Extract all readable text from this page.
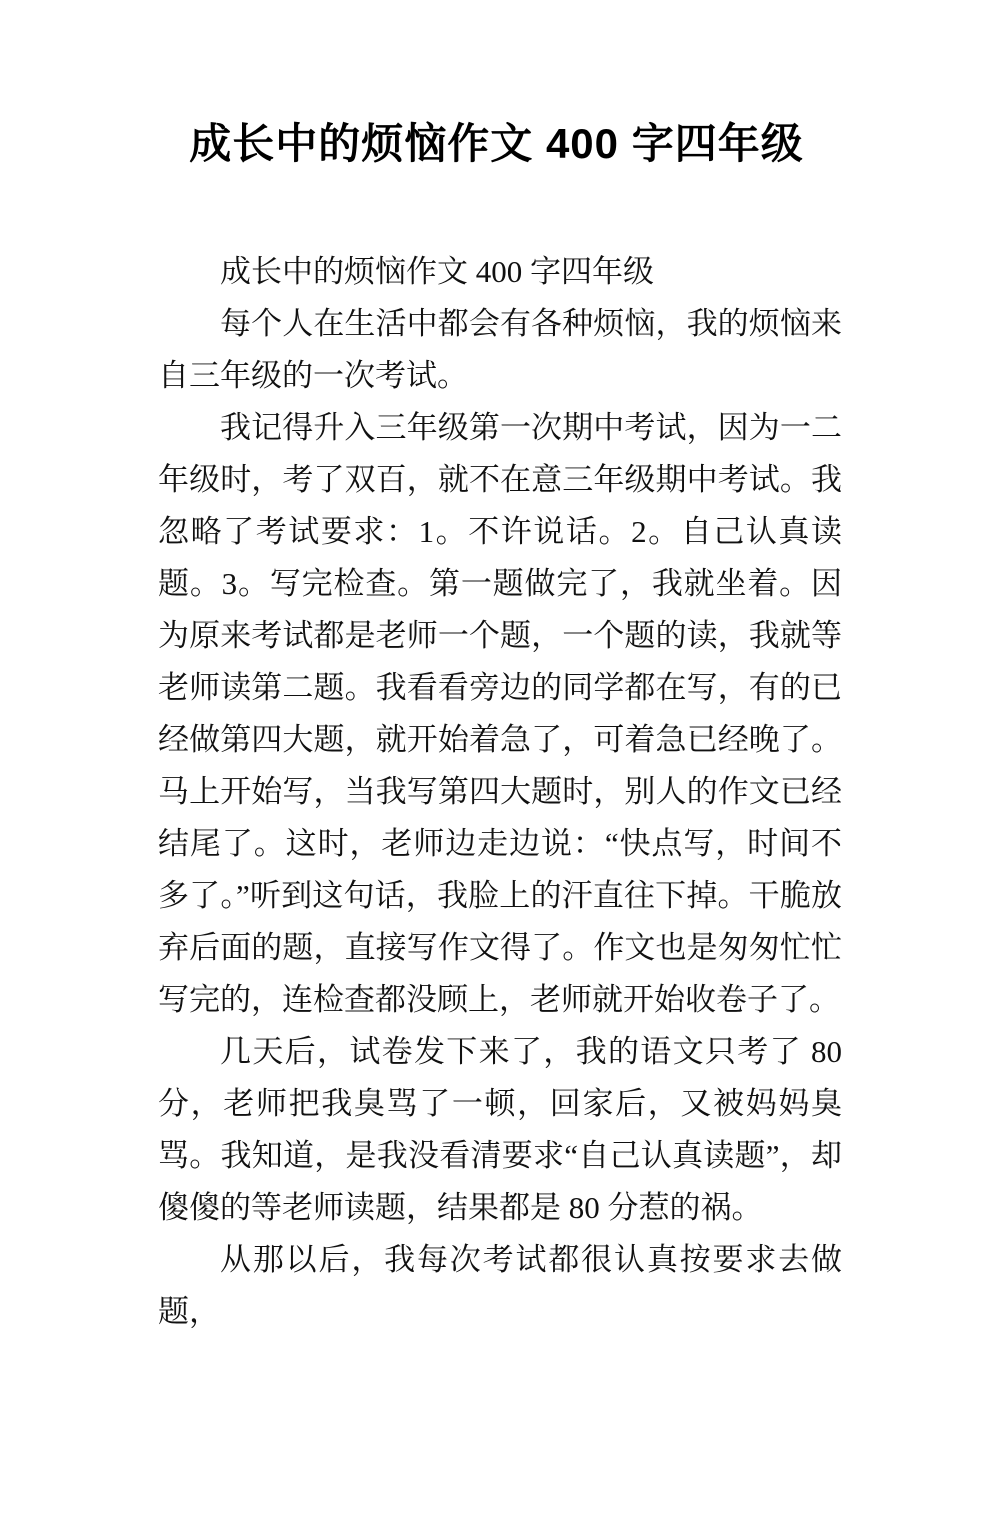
成长中的烦恼作文 400 字四年级

成长中的烦恼作文 400 字四年级

每个人在生活中都会有各种烦恼，我的烦恼来自三年级的一次考试。

我记得升入三年级第一次期中考试，因为一二年级时，考了双百，就不在意三年级期中考试。我忽略了考试要求：1。不许说话。2。自己认真读题。3。写完检查。第一题做完了，我就坐着。因为原来考试都是老师一个题，一个题的读，我就等老师读第二题。我看看旁边的同学都在写，有的已经做第四大题，就开始着急了，可着急已经晚了。马上开始写，当我写第四大题时，别人的作文已经结尾了。这时，老师边走边说：“快点写，时间不多了。”听到这句话，我脸上的汗直往下掉。干脆放弃后面的题，直接写作文得了。作文也是匆匆忙忙写完的，连检查都没顾上，老师就开始收卷子了。

几天后，试卷发下来了，我的语文只考了 80 分，老师把我臭骂了一顿，回家后，又被妈妈臭骂。我知道，是我没看清要求“自己认真读题”，却傻傻的等老师读题，结果都是 80 分惹的祸。

从那以后，我每次考试都很认真按要求去做题，
